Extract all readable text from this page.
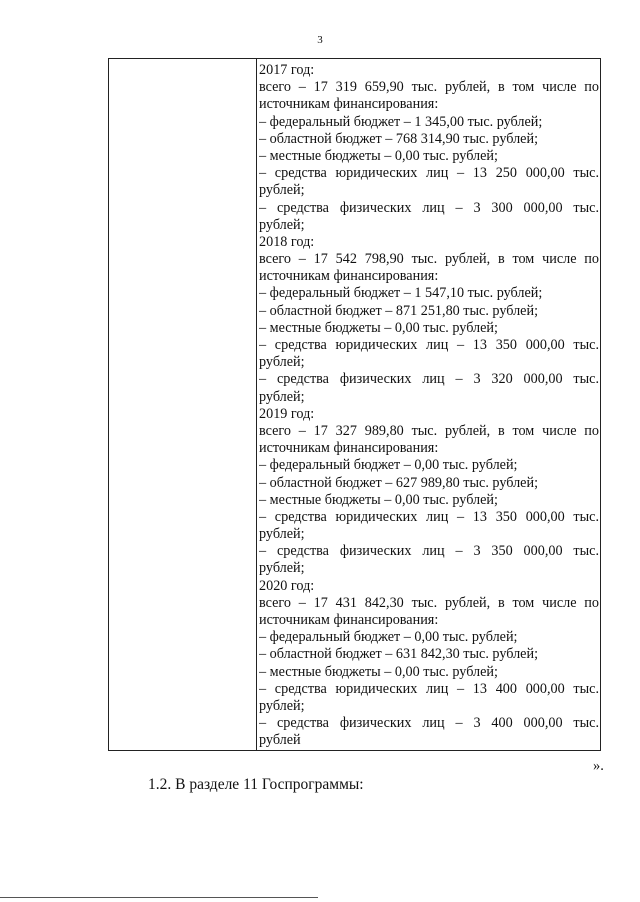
3
2017 год:
всего – 17 319 659,90 тыс. рублей, в том числе по
источникам финансирования:
– федеральный бюджет – 1 345,00 тыс. рублей;
– областной бюджет – 768 314,90 тыс. рублей;
– местные бюджеты – 0,00 тыс. рублей;
– средства юридических лиц – 13 250 000,00 тыс.
рублей;
– средства физических лиц – 3 300 000,00 тыс.
рублей;
2018 год:
всего – 17 542 798,90 тыс. рублей, в том числе по
источникам финансирования:
– федеральный бюджет – 1 547,10 тыс. рублей;
– областной бюджет – 871 251,80 тыс. рублей;
– местные бюджеты – 0,00 тыс. рублей;
– средства юридических лиц – 13 350 000,00 тыс.
рублей;
– средства физических лиц – 3 320 000,00 тыс.
рублей;
2019 год:
всего – 17 327 989,80 тыс. рублей, в том числе по
источникам финансирования:
– федеральный бюджет – 0,00 тыс. рублей;
– областной бюджет – 627 989,80 тыс. рублей;
– местные бюджеты – 0,00 тыс. рублей;
– средства юридических лиц – 13 350 000,00 тыс.
рублей;
– средства физических лиц – 3 350 000,00 тыс.
рублей;
2020 год:
всего – 17 431 842,30 тыс. рублей, в том числе по
источникам финансирования:
– федеральный бюджет – 0,00 тыс. рублей;
– областной бюджет – 631 842,30 тыс. рублей;
– местные бюджеты – 0,00 тыс. рублей;
– средства юридических лиц – 13 400 000,00 тыс.
рублей;
– средства физических лиц – 3 400 000,00 тыс.
рублей
».
1.2. В разделе 11 Госпрограммы:
